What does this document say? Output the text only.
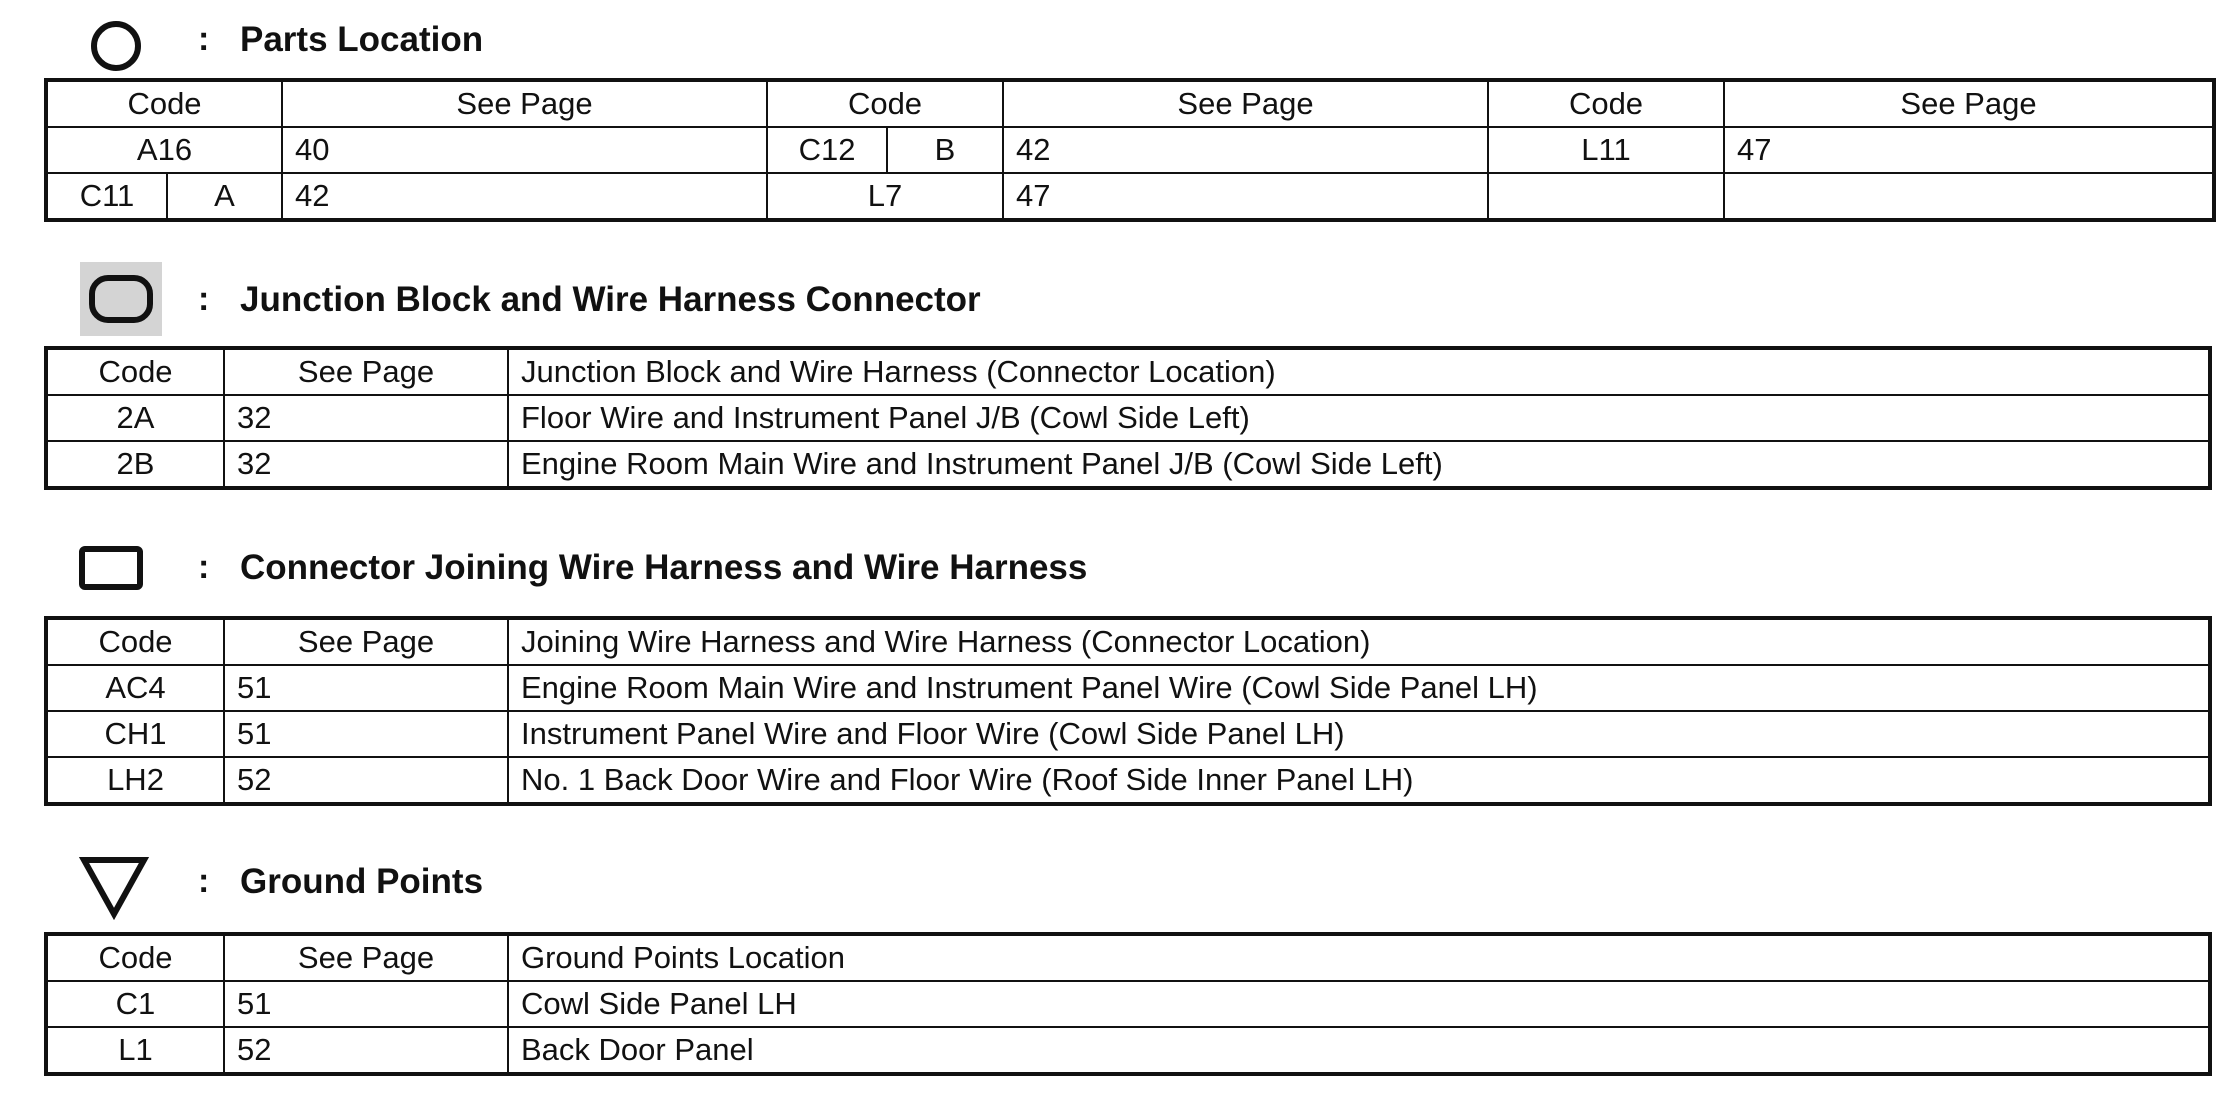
: Parts Location
Code	See Page	Code	See Page	Code	See Page
A16	40	C12 B	42	L11	47

C11 A	42	L7	47		
: Junction Block and Wire Harness Connector
Code	See Page	Junction Block and Wire Harness (Connector Location)
2A	32	Floor Wire and Instrument Panel J/B (Cowl Side Left)
2B	32	Engine Room Main Wire and Instrument Panel J/B (Cowl Side Left)
: Connector Joining Wire Harness and Wire Harness
Code	See Page	Joining Wire Harness and Wire Harness (Connector Location)
AC4	51	Engine Room Main Wire and Instrument Panel Wire (Cowl Side Panel LH)
CH1	51	Instrument Panel Wire and Floor Wire (Cowl Side Panel LH)
LH2	52	No. 1 Back Door Wire and Floor Wire (Roof Side Inner Panel LH)
: Ground Points
Code	See Page	Ground Points Location
C1	51	Cowl Side Panel LH
L1	52	Back Door Panel
